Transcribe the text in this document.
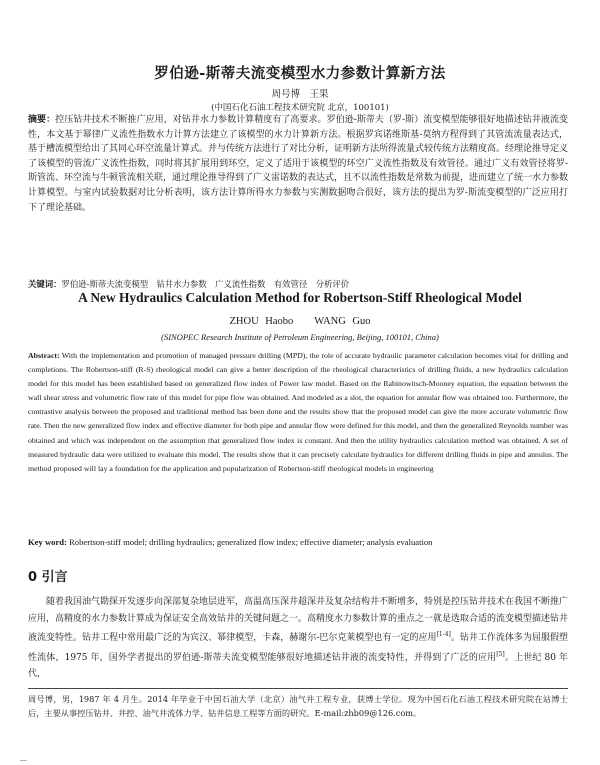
罗伯逊-斯蒂夫流变模型水力参数计算新方法
周号博　王果
(中国石化石油工程技术研究院 北京，100101)
摘要：控压钻井技术不断推广应用，对钻井水力参数计算精度有了高要求。罗伯逊-斯蒂夫（罗-斯）流变模型能够很好地描述钻井液流变性，本文基于幂律广义流性指数水力计算方法建立了该模型的水力计算新方法。根据罗宾诺维斯基-莫纳方程得到了其管流流量表达式，基于槽流模型给出了其同心环空流量计算式。并与传统方法进行了对比分析，证明新方法所得流量式较传统方法精度高。经理论推导定义了该模型的管流广义流性指数，同时将其扩展用到环空，定义了适用于该模型的环空广义流性指数及有效管径。通过广义有效管径将罗-斯管流、环空流与牛顿管流相关联，通过理论推导得到了广义雷诺数的表达式，且不以流性指数是常数为前提，进而建立了统一水力参数计算模型。与室内试验数据对比分析表明，该方法计算所得水力参数与实测数据吻合很好，该方法的提出为罗-斯流变模型的广泛应用打下了理论基础。
关键词：罗伯逊-斯蒂夫流变模型　钻井水力参数　广义流性指数　有效管径　分析评价
A New Hydraulics Calculation Method for Robertson-Stiff Rheological Model
ZHOU Haobo　　WANG Guo
(SINOPEC Research Institute of Petroleum Engineering, Beijing, 100101, China)
Abstract: With the implementation and promotion of managed pressure drilling (MPD), the role of accurate hydraulic parameter calculation becomes vital for drilling and completions. The Robertson-stiff (R-S) rheological model can give a better description of the rheological characteristics of drilling fluids, a new hydraulics calculation model for this model has been established based on generalized flow index of Power law model. Based on the Rabinowitsch-Mooney equation, the equation between the wall shear stress and volumetric flow rate of this model for pipe flow was obtained. And modeled as a slot, the equation for annular flow was obtained too. Furthermore, the contrastive analysis between the proposed and traditional method has been done and the results show that the proposed model can give the more accurate volumetric flow rate. Then the new generalized flow index and effective diameter for both pipe and annular flow were defined for this model, and then the generalized Reynolds number was obtained and which was independent on the assumption that generalized flow index is constant. And then the utility hydraulics calculation method was obtained. A set of measured hydraulic data were utilized to evaluate this model. The results show that it can precisely calculate hydraulics for different drilling fluids in pipe and annulus. The method proposed will lay a foundation for the application and popularization of Robertson-stiff rheological models in engineering
Key word: Robertson-stiff model; drilling hydraulics; generalized flow index; effective diameter; analysis evaluation
0 引言
随着我国油气勘探开发逐步向深部复杂地层进军，高温高压深井超深井及复杂结构井不断增多，特别是控压钻井技术在我国不断推广应用，高精度的水力参数计算成为保证安全高效钻井的关键问题之一。高精度水力参数计算的重点之一就是选取合适的流变模型描述钻井液流变特性。钻井工程中常用最广泛的为宾汉、幂律模型，卡森，赫谢尔-巴尔克莱模型也有一定的应用[1-4]。钻井工作流体多为屈服假塑性流体，1975 年，国外学者提出的罗伯逊-斯蒂夫流变模型能够很好地描述钻井液的流变特性，并得到了广泛的应用[5]。上世纪 80 年代，
周号博，男，1987 年 4 月生。2014 年毕业于中国石油大学（北京）油气井工程专业，获博士学位。现为中国石化石油工程技术研究院在站博士后，主要从事控压钻井、井控、油气井流体力学、钻井信息工程等方面的研究。E-mail:zhb09@126.com。
—
